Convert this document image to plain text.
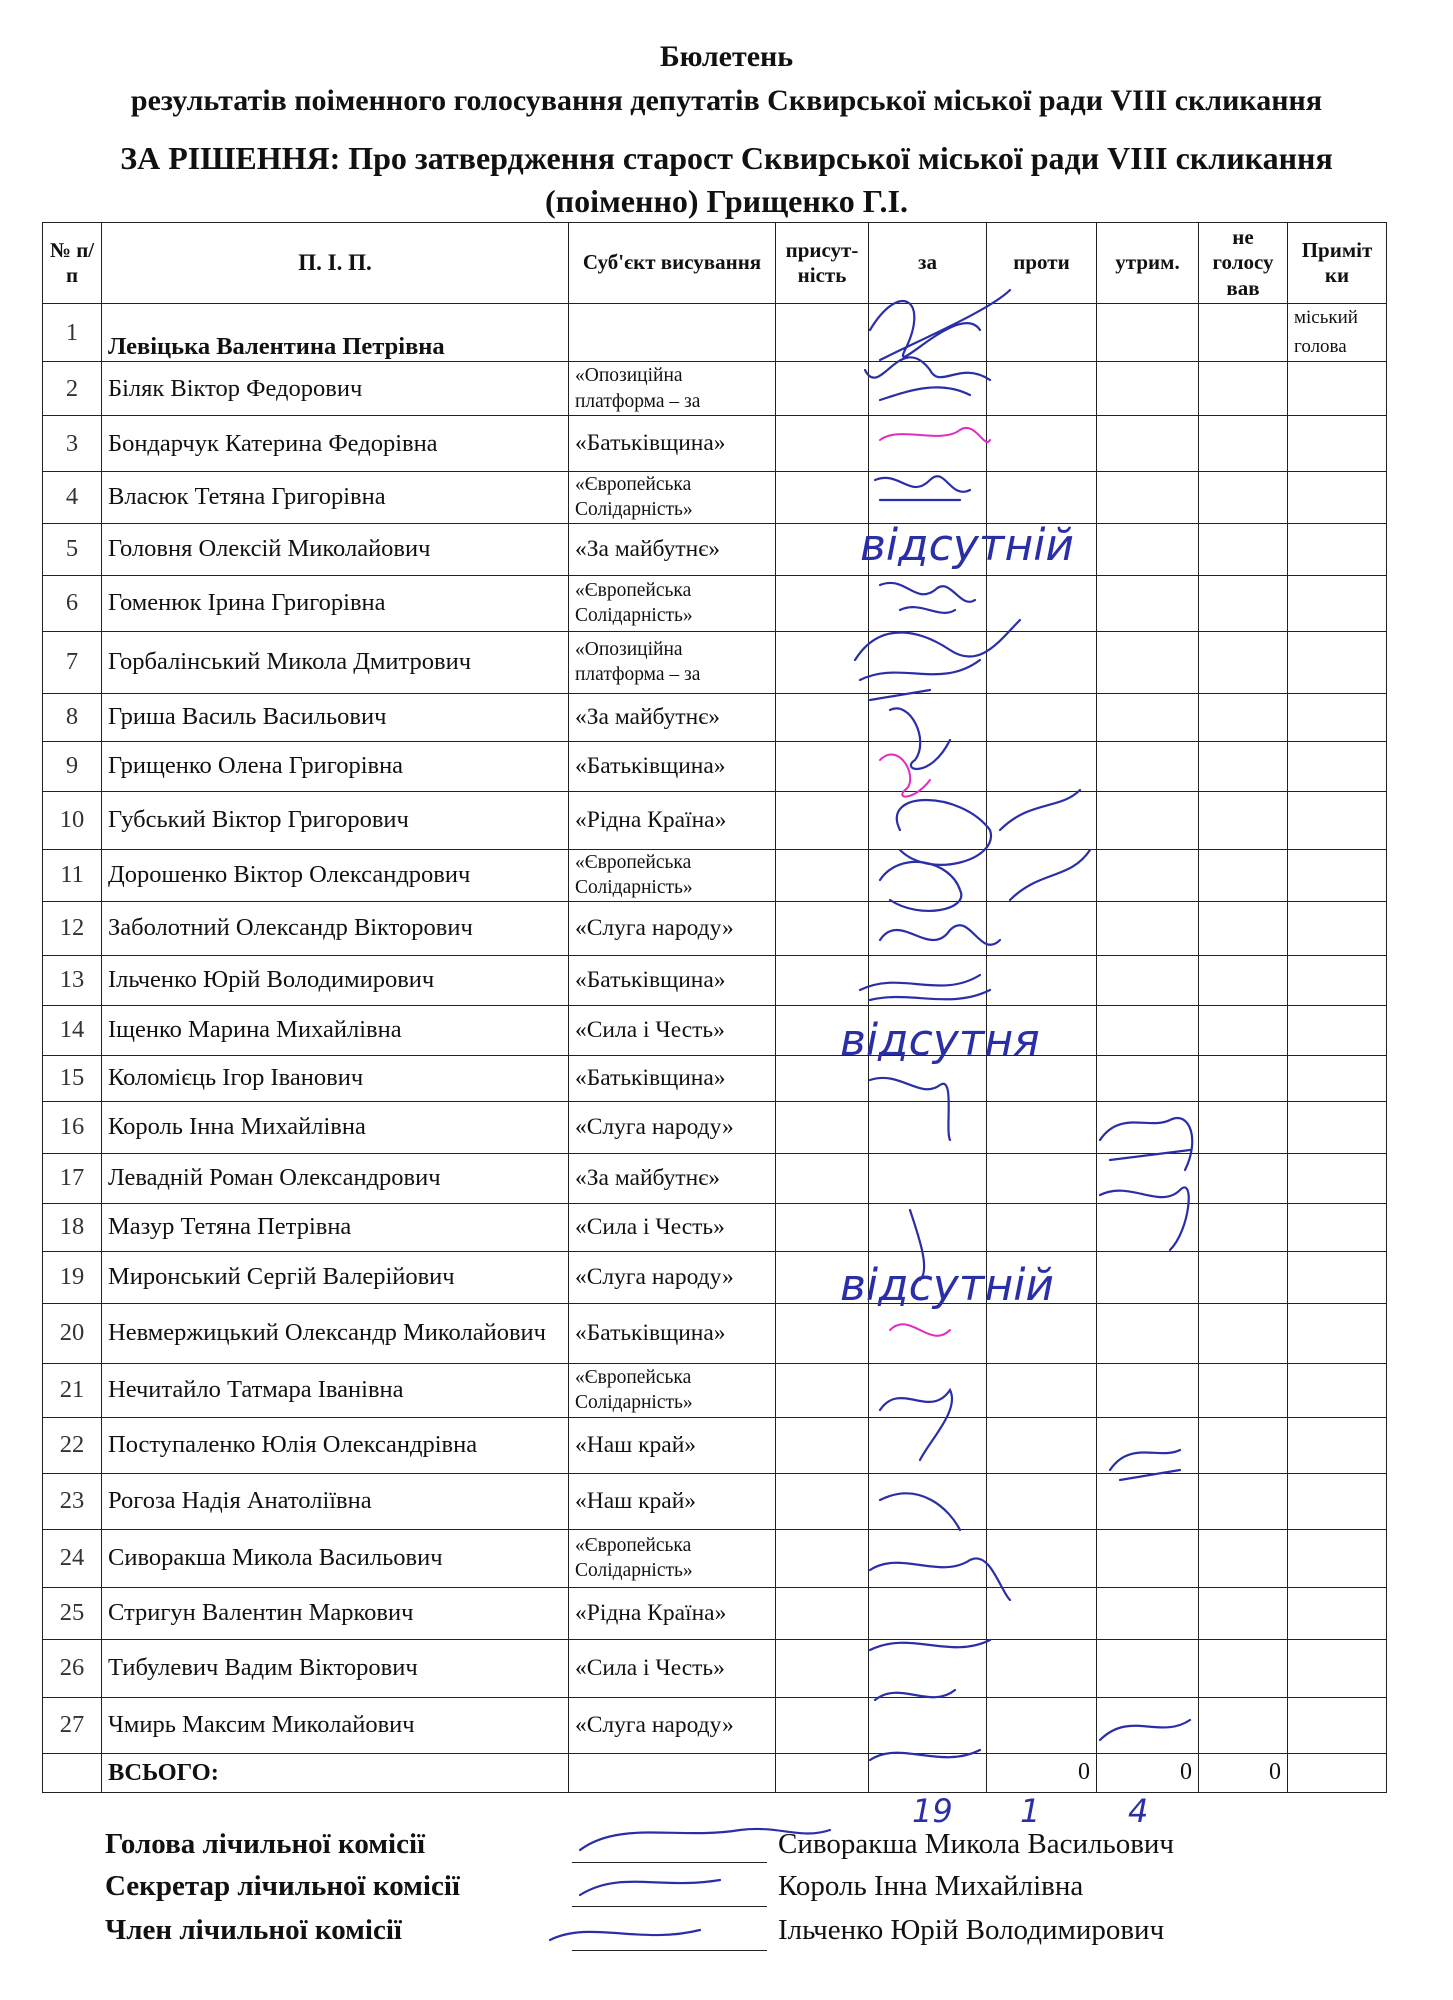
Бюлетень
результатів поіменного голосування депутатів Сквирської міської ради VIII скликання
ЗА РІШЕННЯ: Про затвердження старост Сквирської міської ради VIII скликання
(поіменно) Грищенко Г.І.
№ п/п	П. І. П.	Суб'єкт висування	присут-ність	за	проти	утрим.	не голосу вав	Приміт ки
1	Левіцька Валентина Петрівна							міський голова
2	Біляк Віктор Федорович	«Опозиційна платформа – за						
3	Бондарчук Катерина Федорівна	«Батьківщина»						
4	Власюк Тетяна Григорівна	«Європейська Солідарність»						
5	Головня Олексій Миколайович	«За майбутнє»						
6	Гоменюк Ірина Григорівна	«Європейська Солідарність»						
7	Горбалінський Микола Дмитрович	«Опозиційна платформа – за						
8	Гриша Василь Васильович	«За майбутнє»						
9	Грищенко Олена Григорівна	«Батьківщина»						
10	Губський Віктор Григорович	«Рідна Країна»						
11	Дорошенко Віктор Олександрович	«Європейська Солідарність»						
12	Заболотний Олександр Вікторович	«Слуга народу»						
13	Ільченко Юрій Володимирович	«Батьківщина»						
14	Іщенко Марина Михайлівна	«Сила і Честь»						
15	Коломієць Ігор Іванович	«Батьківщина»						
16	Король Інна Михайлівна	«Слуга народу»						
17	Левадній Роман Олександрович	«За майбутнє»						
18	Мазур Тетяна Петрівна	«Сила і Честь»						
19	Миронський Сергій Валерійович	«Слуга народу»						
20	Невмержицький Олександр Миколайович	«Батьківщина»						
21	Нечитайло Татмара Іванівна	«Європейська Солідарність»						
22	Поступаленко Юлія Олександрівна	«Наш край»						
23	Рогоза Надія Анатоліївна	«Наш край»						
24	Сиворакша Микола Васильович	«Європейська Солідарність»						
25	Стригун Валентин Маркович	«Рідна Країна»						
26	Тибулевич Вадим Вікторович	«Сила і Честь»						
27	Чмирь Максим Миколайович	«Слуга народу»						
	ВСЬОГО:				0	0	0	
Голова лічильної комісії
Секретар лічильної комісії
Член лічильної комісії
Сиворакша Микола Васильович
Король Інна Михайлівна
Ільченко Юрій Володимирович
відсутній
відсутня
відсутній
19 1	4
